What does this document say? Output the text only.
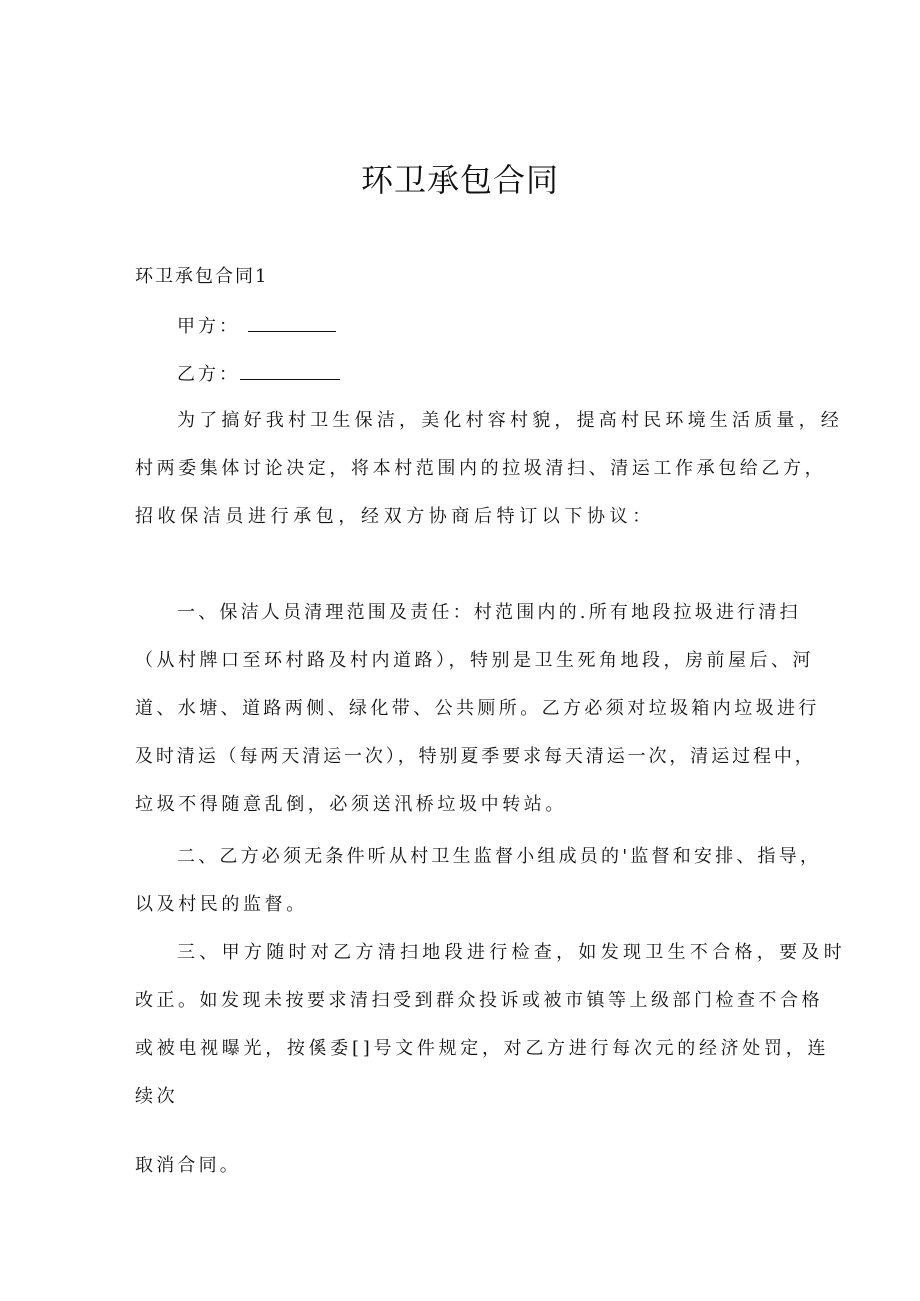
环卫承包合同
环卫承包合同1
甲方：
乙方：
为了搞好我村卫生保洁，美化村容村貌，提高村民环境生活质量，经
村两委集体讨论决定，将本村范围内的拉圾清扫、清运工作承包给乙方，
招收保洁员进行承包，经双方协商后特订以下协议：
一、保洁人员清理范围及责任：村范围内的.所有地段拉圾进行清扫
（从村牌口至环村路及村内道路），特别是卫生死角地段，房前屋后、河
道、水塘、道路两侧、绿化带、公共厕所。乙方必须对垃圾箱内垃圾进行
及时清运（每两天清运一次），特别夏季要求每天清运一次，清运过程中，
垃圾不得随意乱倒，必须送汛桥垃圾中转站。
二、乙方必须无条件听从村卫生监督小组成员的'监督和安排、指导，
以及村民的监督。
三、甲方随时对乙方清扫地段进行检查，如发现卫生不合格，要及时
改正。如发现未按要求清扫受到群众投诉或被市镇等上级部门检查不合格
或被电视曝光，按傒委[]号文件规定，对乙方进行每次元的经济处罚，连
续次
取消合同。
